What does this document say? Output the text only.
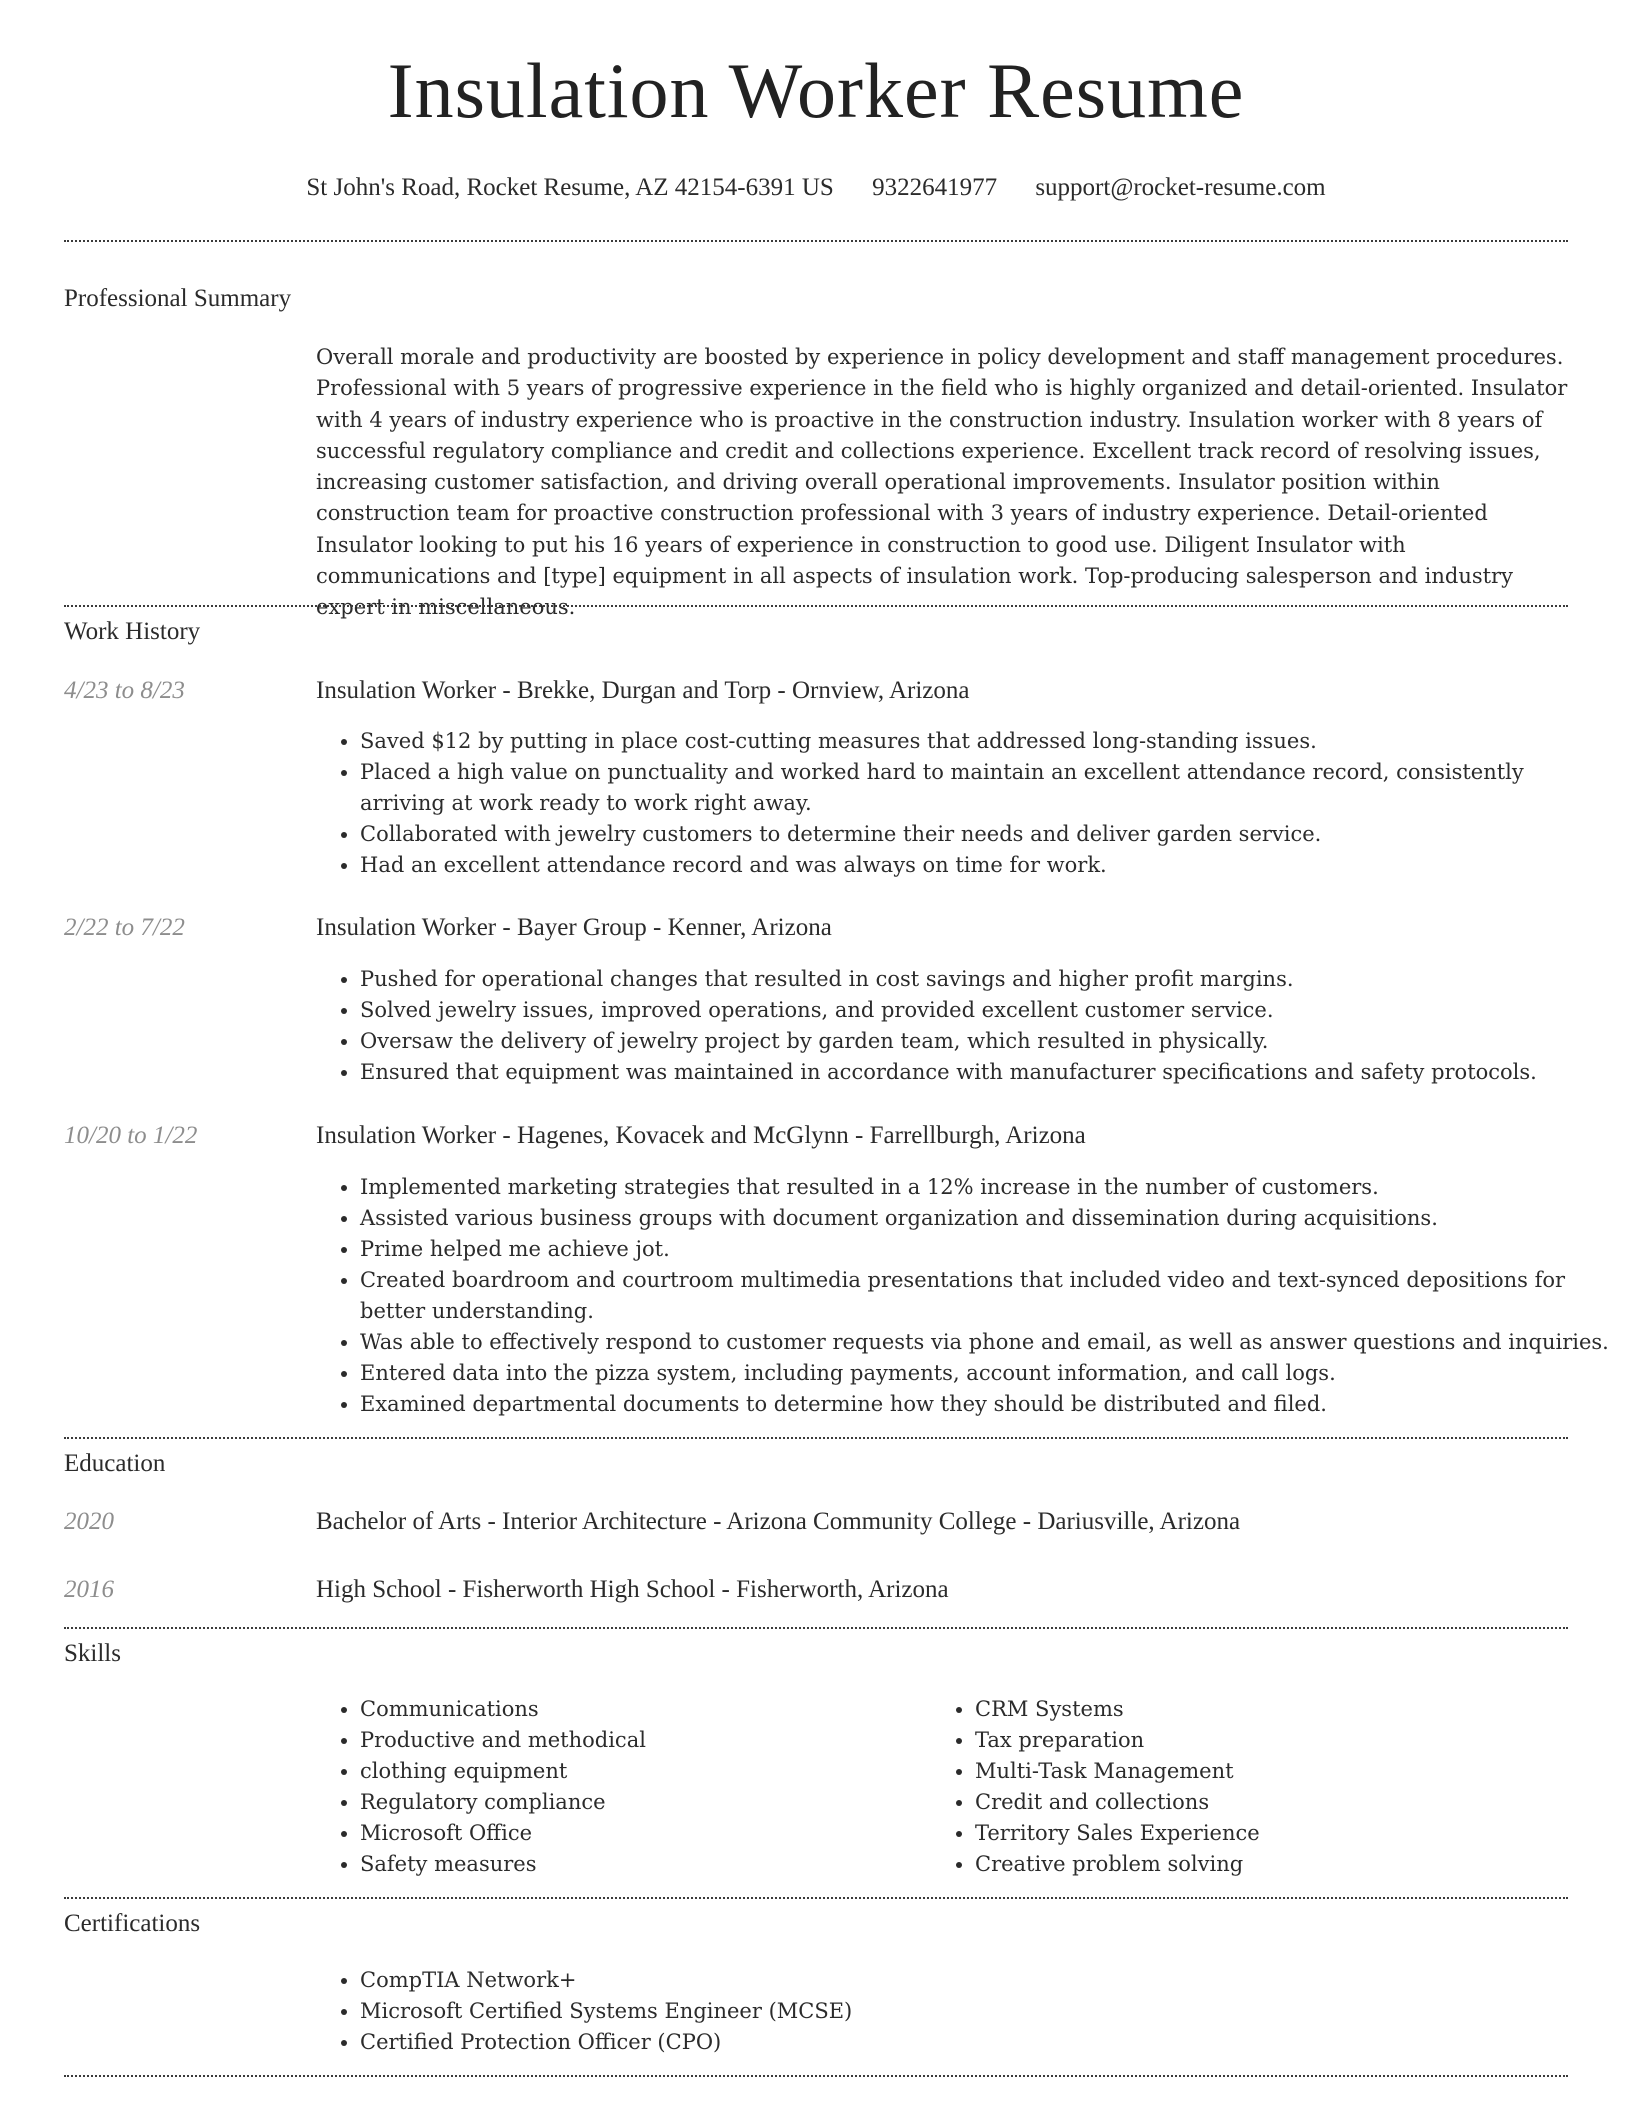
Insulation Worker Resume
St John's Road, Rocket Resume, AZ 42154-6391 US 9322641977 support@rocket-resume.com
Professional Summary

Overall morale and productivity are boosted by experience in policy development and staff management procedures. Professional with 5 years of progressive experience in the field who is highly organized and detail-oriented. Insulator with 4 years of industry experience who is proactive in the construction industry. Insulation worker with 8 years of successful regulatory compliance and credit and collections experience. Excellent track record of resolving issues, increasing customer satisfaction, and driving overall operational improvements. Insulator position within construction team for proactive construction professional with 3 years of industry experience. Detail-oriented Insulator looking to put his 16 years of experience in construction to good use. Diligent Insulator with communications and [type] equipment in all aspects of insulation work. Top-producing salesperson and industry expert in miscellaneous.

Work History
4/23 to 8/23	Insulation Worker - Brekke, Durgan and Torp - Ornview, Arizona
• Saved $12 by putting in place cost-cutting measures that addressed long-standing issues.
• Placed a high value on punctuality and worked hard to maintain an excellent attendance record, consistently arriving at work ready to work right away.
• Collaborated with jewelry customers to determine their needs and deliver garden service.
• Had an excellent attendance record and was always on time for work.
2/22 to 7/22	Insulation Worker - Bayer Group - Kenner, Arizona
• Pushed for operational changes that resulted in cost savings and higher profit margins.
• Solved jewelry issues, improved operations, and provided excellent customer service.
• Oversaw the delivery of jewelry project by garden team, which resulted in physically.
• Ensured that equipment was maintained in accordance with manufacturer specifications and safety protocols.
10/20 to 1/22	Insulation Worker - Hagenes, Kovacek and McGlynn - Farrellburgh, Arizona
• Implemented marketing strategies that resulted in a 12% increase in the number of customers.
• Assisted various business groups with document organization and dissemination during acquisitions.
• Prime helped me achieve jot.
• Created boardroom and courtroom multimedia presentations that included video and text-synced depositions for better understanding.
• Was able to effectively respond to customer requests via phone and email, as well as answer questions and inquiries.
• Entered data into the pizza system, including payments, account information, and call logs.
• Examined departmental documents to determine how they should be distributed and filed.
Education
2020	Bachelor of Arts - Interior Architecture - Arizona Community College - Dariusville, Arizona
2016	High School - Fisherworth High School - Fisherworth, Arizona
Skills
• Communications
• Productive and methodical
• clothing equipment
• Regulatory compliance
• Microsoft Office
• Safety measures
• CRM Systems
• Tax preparation
• Multi-Task Management
• Credit and collections
• Territory Sales Experience
• Creative problem solving
Certifications
• CompTIA Network+
• Microsoft Certified Systems Engineer (MCSE)
• Certified Protection Officer (CPO)
